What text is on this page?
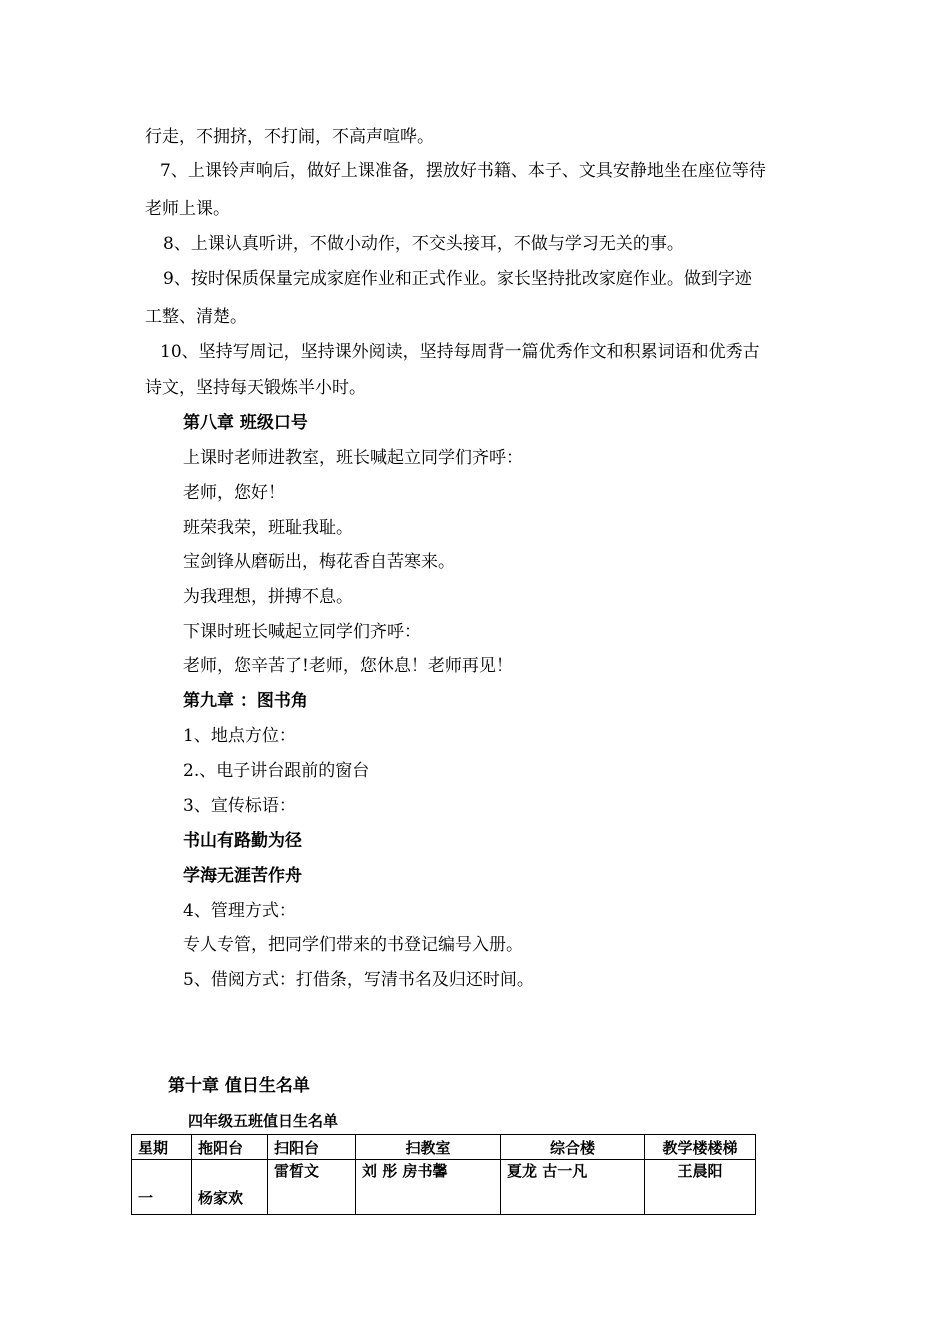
行走，不拥挤，不打闹，不高声喧哗。
7、上课铃声响后，做好上课准备，摆放好书籍、本子、文具安静地坐在座位等待
老师上课。
8、上课认真听讲，不做小动作，不交头接耳，不做与学习无关的事。
9、按时保质保量完成家庭作业和正式作业。家长坚持批改家庭作业。做到字迹
工整、清楚。
10、坚持写周记，坚持课外阅读，坚持每周背一篇优秀作文和积累词语和优秀古
诗文，坚持每天锻炼半小时。
第八章 班级口号
上课时老师进教室，班长喊起立同学们齐呼：
老师，您好！
班荣我荣，班耻我耻。
宝剑锋从磨砺出，梅花香自苦寒来。
为我理想，拼搏不息。
下课时班长喊起立同学们齐呼：
老师，您辛苦了!老师，您休息！老师再见！
第九章 ：图书角
1、地点方位：
2.、电子讲台跟前的窗台
3、宣传标语：
书山有路勤为径
学海无涯苦作舟
4、管理方式：
专人专管，把同学们带来的书登记编号入册。
5、借阅方式：打借条，写清书名及归还时间。
第十章 值日生名单
四年级五班值日生名单
星期	拖阳台	扫阳台	扫教室	综合楼	教学楼楼梯
一	杨家欢	雷晳文	刘 彤 房书馨	夏龙 古一凡	王晨阳
